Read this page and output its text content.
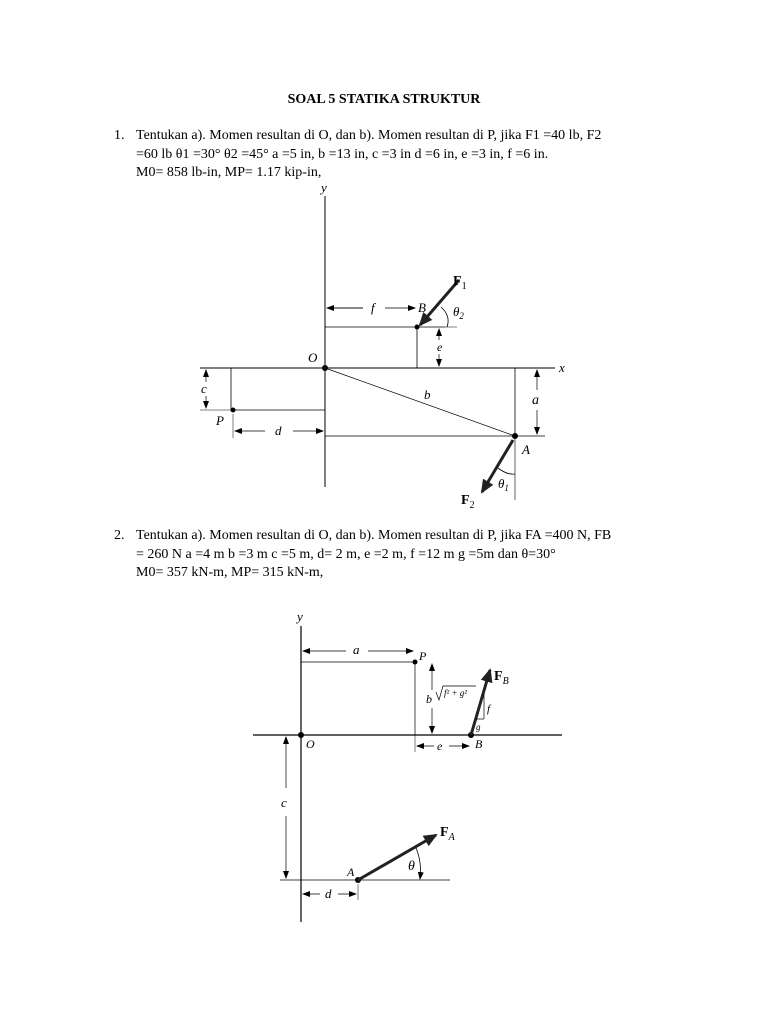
SOAL 5 STATIKA STRUKTUR
1. Tentukan a). Momen resultan di O, dan b). Momen resultan di P, jika F1 =40 lb, F2
=60 lb θ1 =30° θ2 =45° a =5 in, b =13 in, c =3 in d =6 in, e =3 in, f =6 in.
M0= 858 lb-in, MP= 1.17 kip-in,
y
x
O
B
f
e
$F_1$
$\theta_2$
P
c
d
b
A
a
$F_2$
$\theta_1$
2. Tentukan a). Momen resultan di O, dan b). Momen resultan di P, jika FA =400 N, FB
= 260 N a =4 m b =3 m c =5 m, d= 2 m, e =2 m, f =12 m g =5m dan θ=30°
M0= 357 kN-m, MP= 315 kN-m,
y
O
P
a
b
e	B
$F_B$
f
g
f² + g²
c
A
$F_A$
θ
d
